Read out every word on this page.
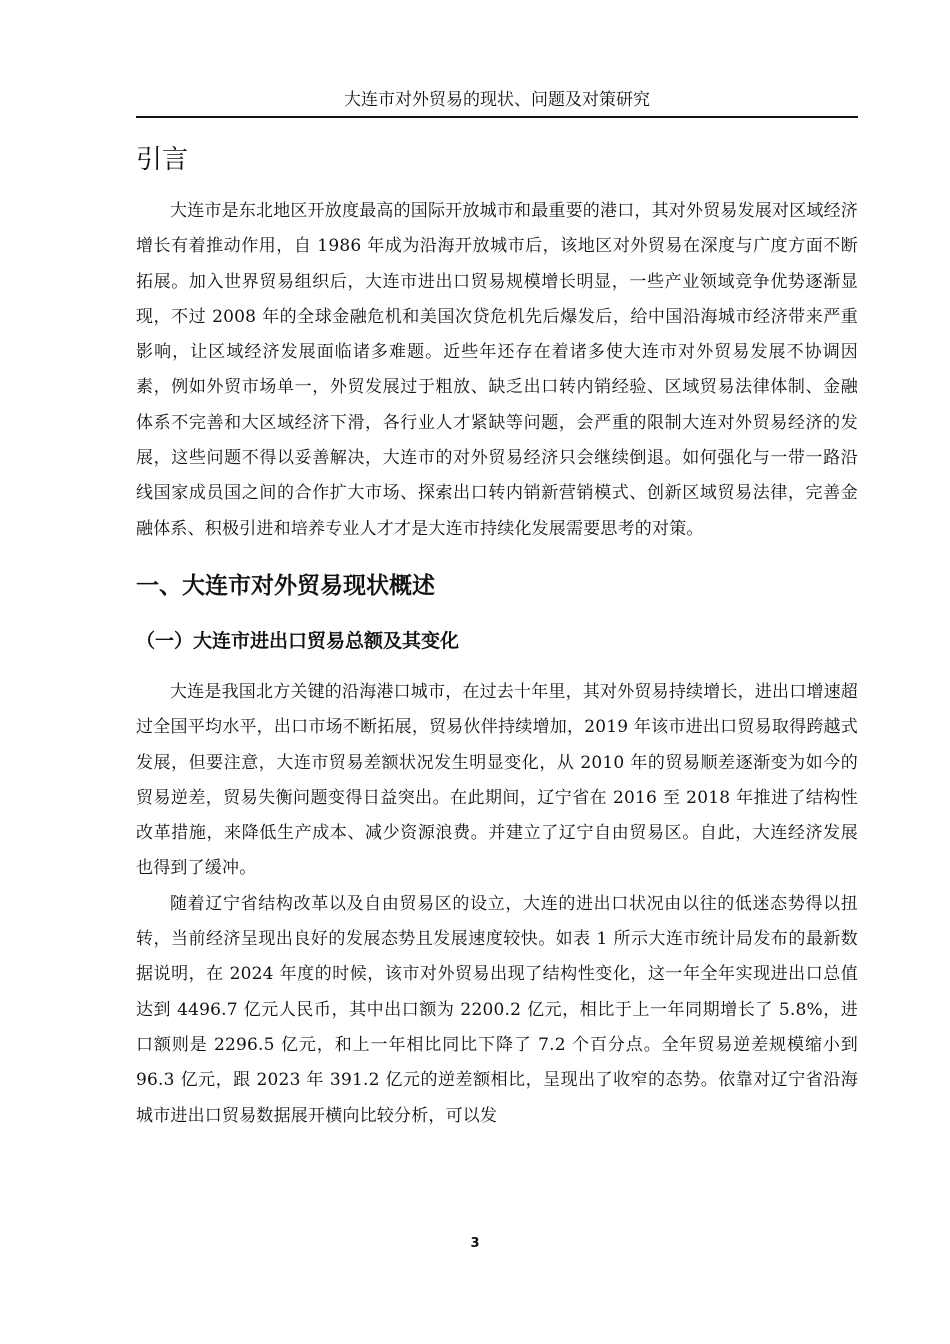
大连市对外贸易的现状、问题及对策研究
引言

大连市是东北地区开放度最高的国际开放城市和最重要的港口，其对外贸易发展对区域经济增长有着推动作用，自 1986 年成为沿海开放城市后，该地区对外贸易在深度与广度方面不断拓展。加入世界贸易组织后，大连市进出口贸易规模增长明显，一些产业领域竞争优势逐渐显现，不过 2008 年的全球金融危机和美国次贷危机先后爆发后，给中国沿海城市经济带来严重影响，让区域经济发展面临诸多难题。近些年还存在着诸多使大连市对外贸易发展不协调因素，例如外贸市场单一，外贸发展过于粗放、缺乏出口转内销经验、区域贸易法律体制、金融体系不完善和大区域经济下滑，各行业人才紧缺等问题，会严重的限制大连对外贸易经济的发展，这些问题不得以妥善解决，大连市的对外贸易经济只会继续倒退。如何强化与一带一路沿线国家成员国之间的合作扩大市场、探索出口转内销新营销模式、创新区域贸易法律，完善金融体系、积极引进和培养专业人才才是大连市持续化发展需要思考的对策。

一、大连市对外贸易现状概述
（一）大连市进出口贸易总额及其变化

大连是我国北方关键的沿海港口城市，在过去十年里，其对外贸易持续增长，进出口增速超过全国平均水平，出口市场不断拓展，贸易伙伴持续增加，2019 年该市进出口贸易取得跨越式发展，但要注意，大连市贸易差额状况发生明显变化，从 2010 年的贸易顺差逐渐变为如今的贸易逆差，贸易失衡问题变得日益突出。在此期间，辽宁省在 2016 至 2018 年推进了结构性改革措施，来降低生产成本、减少资源浪费。并建立了辽宁自由贸易区。自此，大连经济发展也得到了缓冲。

随着辽宁省结构改革以及自由贸易区的设立，大连的进出口状况由以往的低迷态势得以扭转，当前经济呈现出良好的发展态势且发展速度较快。如表 1 所示大连市统计局发布的最新数据说明，在 2024 年度的时候，该市对外贸易出现了结构性变化，这一年全年实现进出口总值达到 4496.7 亿元人民币，其中出口额为 2200.2 亿元，相比于上一年同期增长了 5.8%，进口额则是 2296.5 亿元，和上一年相比同比下降了 7.2 个百分点。全年贸易逆差规模缩小到 96.3 亿元，跟 2023 年 391.2 亿元的逆差额相比，呈现出了收窄的态势。依靠对辽宁省沿海城市进出口贸易数据展开横向比较分析，可以发

3
